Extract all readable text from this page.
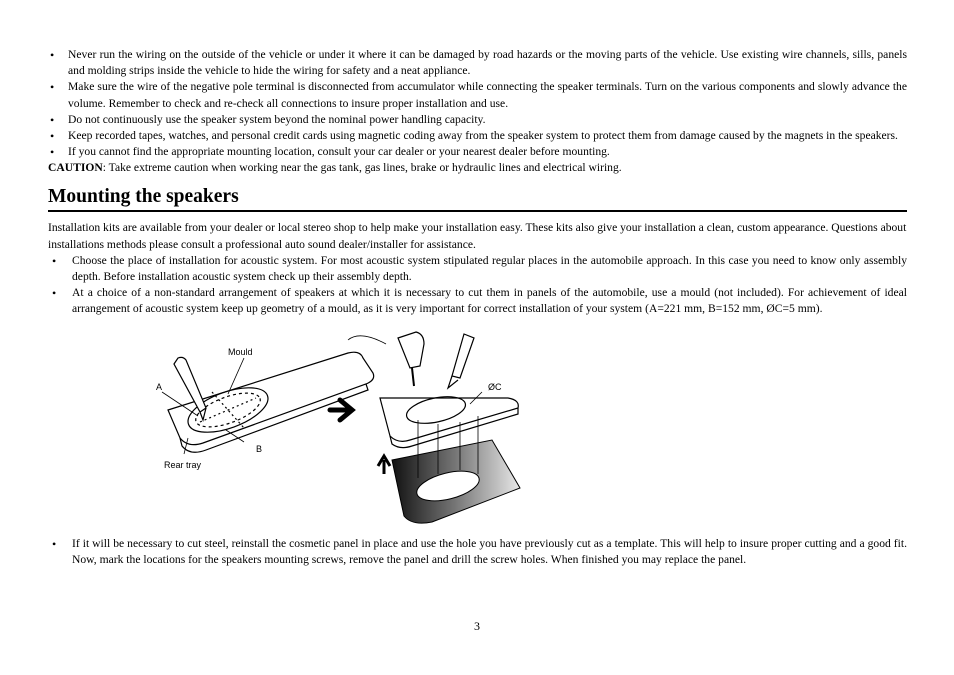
• Never run the wiring on the outside of the vehicle or under it where it can be damaged by road hazards or the moving parts of the vehicle. Use existing wire channels, sills, panels and molding strips inside the vehicle to hide the wiring for safety and a neat appliance.
• Make sure the wire of the negative pole terminal is disconnected from accumulator while connecting the speaker terminals. Turn on the various components and slowly advance the volume. Remember to check and re-check all connections to insure proper installation and use.
• Do not continuously use the speaker system beyond the nominal power handling capacity.
• Keep recorded tapes, watches, and personal credit cards using magnetic coding away from the speaker system to protect them from damage caused by the magnets in the speakers.
• If you cannot find the appropriate mounting location, consult your car dealer or your nearest dealer before mounting.
CAUTION: Take extreme caution when working near the gas tank, gas lines, brake or hydraulic lines and electrical wiring.
Mounting the speakers
Installation kits are available from your dealer or local stereo shop to help make your installation easy. These kits also give your installation a clean, custom appearance. Questions about installations methods please consult a professional auto sound dealer/installer for assistance.
• Choose the place of installation for acoustic system. For most acoustic system stipulated regular places in the automobile approach. In this case you need to know only assembly depth. Before installation acoustic system check up their assembly depth.
• At a choice of a non-standard arrangement of speakers at which it is necessary to cut them in panels of the automobile, use a mould (not included). For achievement of ideal arrangement of acoustic system keep up geometry of a mould, as it is very important for correct installation of your system (A=221 mm, B=152 mm, ØC=5 mm).
Mould
A
B
Rear tray
ØC
• If it will be necessary to cut steel, reinstall the cosmetic panel in place and use the hole you have previously cut as a template. This will help to insure proper cutting and a good fit. Now, mark the locations for the speakers mounting screws, remove the panel and drill the screw holes. When finished you may replace the panel.
3
